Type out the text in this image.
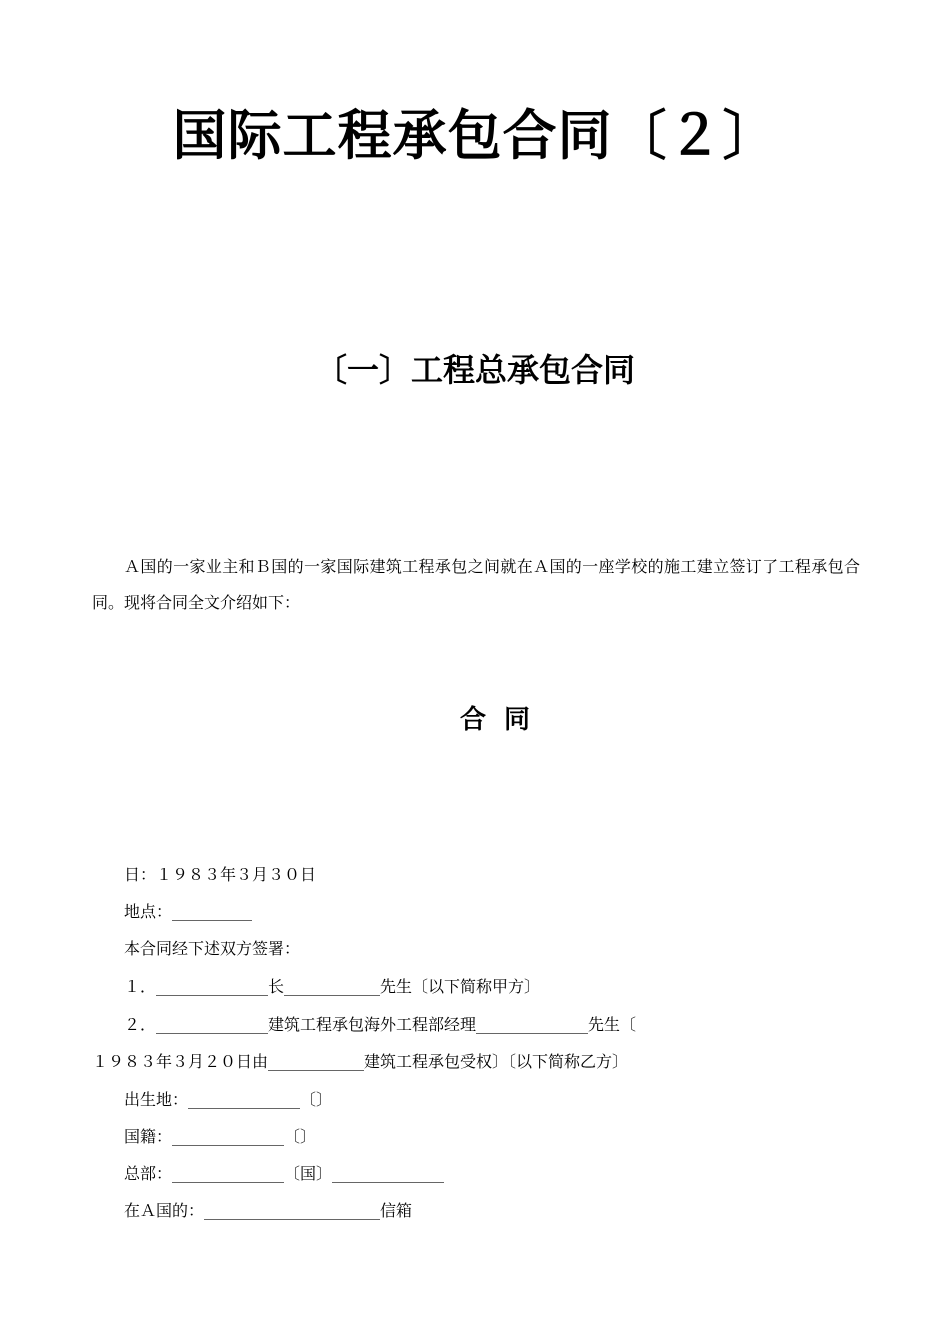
国际工程承包合同〔２〕
〔一〕工程总承包合同

Ａ国的一家业主和Ｂ国的一家国际建筑工程承包之间就在Ａ国的一座学校的施工建立签订了工程承包合同。现将合同全文介绍如下：

合同

日：１９８３年３月３０日

地点：__________

本合同经下述双方签署：

１．______________长____________先生〔以下简称甲方〕

２．______________建筑工程承包海外工程部经理______________先生〔

１９８３年３月２０日由____________建筑工程承包受权〕〔以下简称乙方〕

出生地：______________〔〕

国籍：______________〔〕

总部：______________〔国〕______________

在Ａ国的：______________________信箱
